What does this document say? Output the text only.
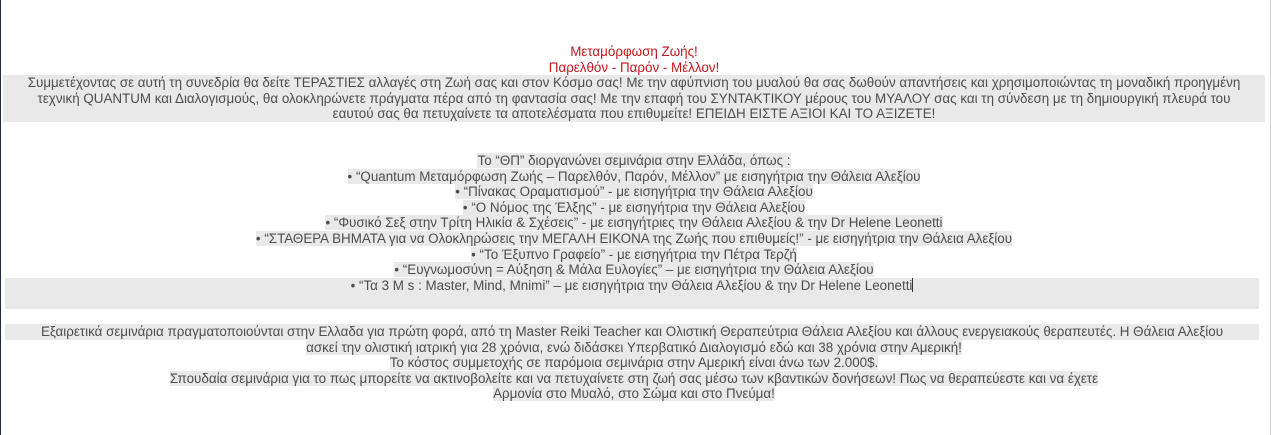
Μεταμόρφωση Ζωής!
Παρελθόν - Παρόν - Μέλλον!
Συμμετέχοντας σε αυτή τη συνεδρία θα δείτε ΤΕΡΑΣΤΙΕΣ αλλαγές στη Ζωή σας και στον Κόσμο σας! Με την αφύπνιση του μυαλού θα σας δωθούν απαντήσεις και χρησιμοποιώντας τη μοναδική προηγμένη
τεχνική QUANTUM και Διαλογισμούς, θα ολοκληρώνετε πράγματα πέρα από τη φαντασία σας! Με την επαφή του ΣΥΝΤΑΚΤΙΚΟΥ μέρους του ΜΥΑΛΟΥ σας και τη σύνδεση με τη δημιουργική πλευρά του
εαυτού σας θα πετυχαίνετε τα αποτελέσματα που επιθυμείτε! ΕΠΕΙΔΗ ΕΙΣΤΕ ΑΞΙΟΙ ΚΑΙ ΤΟ ΑΞΙΖΕΤΕ!
Το “ΘΠ” διοργανώνει σεμινάρια στην Ελλάδα, όπως :
• “Quantum Μεταμόρφωση Ζωής – Παρελθόν, Παρόν, Μέλλον” με εισηγήτρια την Θάλεια Αλεξίου
• “Πίνακας Οραματισμού” - με εισηγήτρια την Θάλεια Αλεξίου
• “Ο Νόμος της Έλξης” - με εισηγήτρια την Θάλεια Αλεξίου
• “Φυσικό Σεξ στην Τρίτη Ηλικία & Σχέσεις” - με εισηγήτριες την Θάλεια Αλεξίου & την Dr Helene Leonetti
• “ΣΤΑΘΕΡΑ ΒΗΜΑΤΑ για να Ολοκληρώσεις την ΜΕΓΑΛΗ ΕΙΚΟΝΑ της Ζωής που επιθυμείς!” - με εισηγήτρια την Θάλεια Αλεξίου
• “Το Έξυπνο Γραφείο” - με εισηγήτρια την Πέτρα Τερζή
• “Ευγνωμοσύνη = Αύξηση & Μάλα Ευλογίες” – με εισηγήτρια την Θάλεια Αλεξίου
• “Τα 3 M s : Master, Mind, Mnimi” – με εισηγήτρια την Θάλεια Αλεξίου & την Dr Helene Leonetti
Εξαιρετικά σεμινάρια πραγματοποιούνται στην Ελλαδα για πρώτη φορά, από τη Master Reiki Teacher και Ολιστική Θεραπεύτρια Θάλεια Αλεξίου και άλλους ενεργειακούς θεραπευτές. Η Θάλεια Αλεξίου
ασκεί την ολιστική ιατρική για 28 χρόνια, ενώ διδάσκει Υπερβατικό Διαλογισμό εδώ και 38 χρόνια στην Αμερική!
Το κόστος συμμετοχής σε παρόμοια σεμινάρια στην Αμερική είναι άνω των 2.000$.
Σπουδαία σεμινάρια για το πως μπορείτε να ακτινοβολείτε και να πετυχαίνετε στη ζωή σας μέσω των κβαντικών δονήσεων! Πως να θεραπεύεστε και να έχετε
Αρμονία στο Μυαλό, στο Σώμα και στο Πνεύμα!
